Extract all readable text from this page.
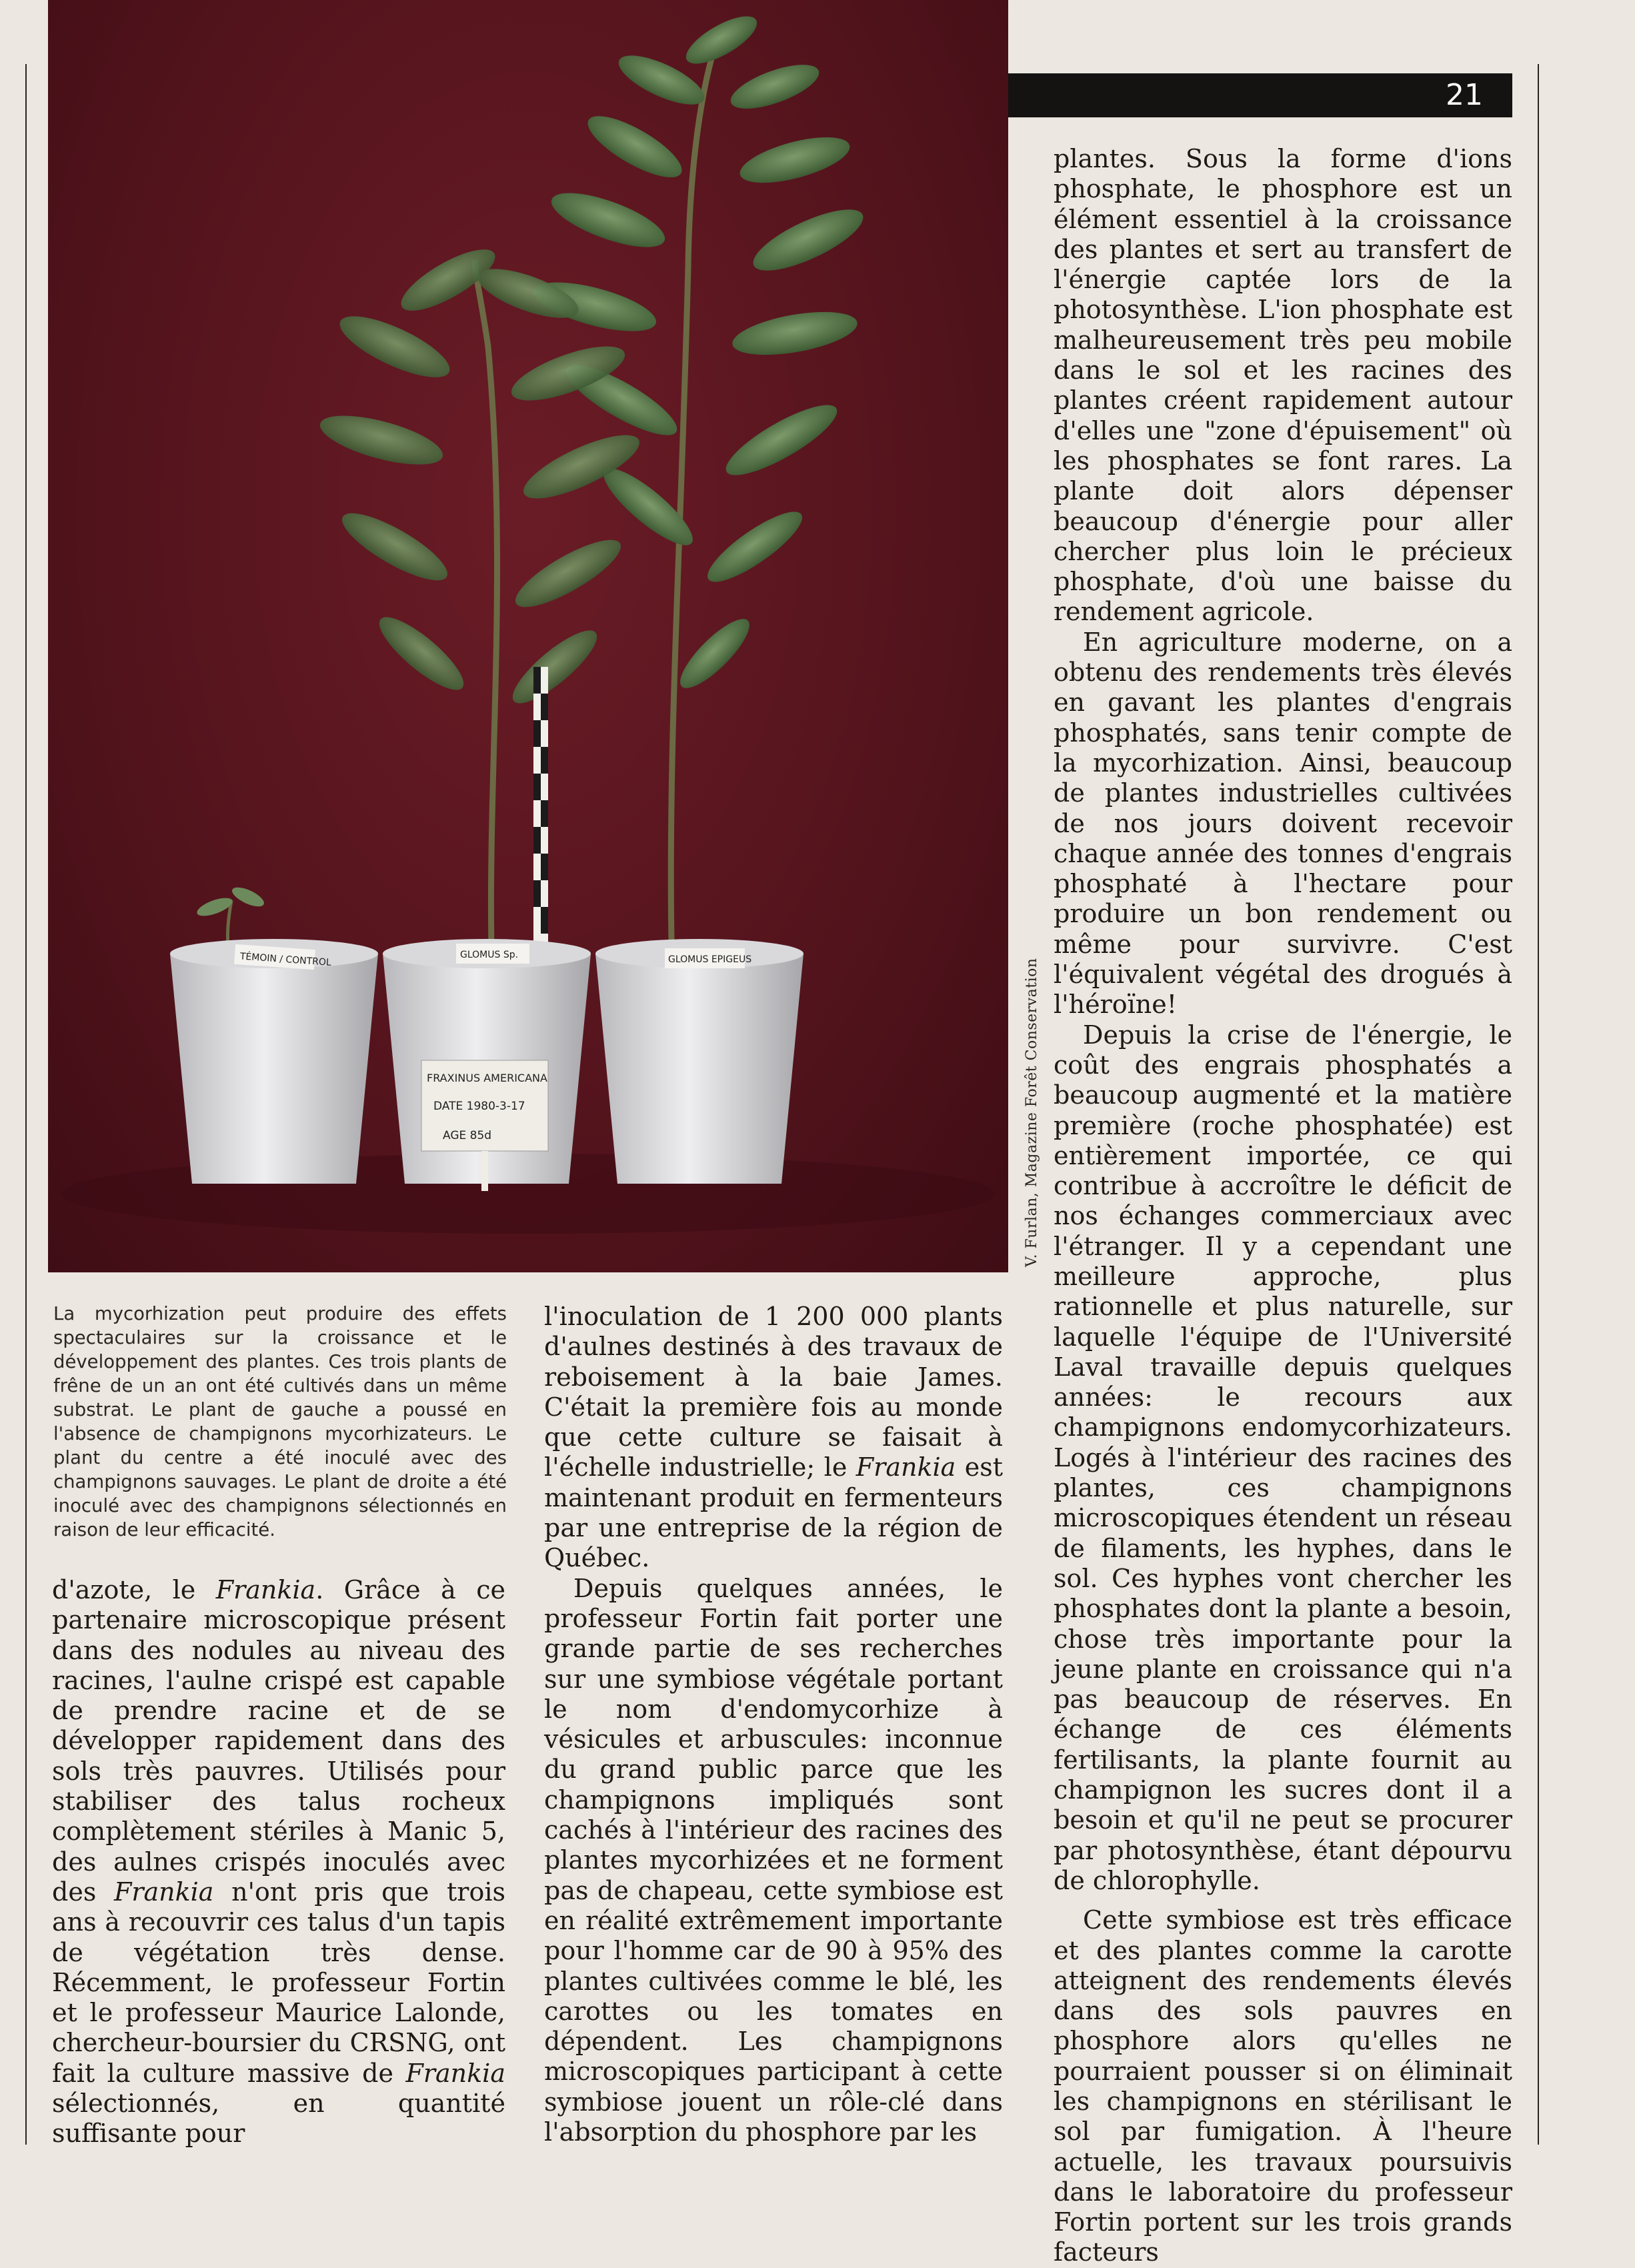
TÉMOIN / CONTROL	GLOMUS Sp.	GLOMUS EPIGEUS
FRAXINUS AMERICANA
DATE 1980-3-17
AGE 85d
21
V. Furlan, Magazine Forêt Conservation
La mycorhization peut produire des effets spectaculaires sur la croissance et le développement des plantes. Ces trois plants de frêne de un an ont été cultivés dans un même substrat. Le plant de gauche a poussé en l'absence de champignons mycorhizateurs. Le plant du centre a été inoculé avec des champignons sauvages. Le plant de droite a été inoculé avec des champignons sélectionnés en raison de leur efficacité.

d'azote, le Frankia. Grâce à ce partenaire microscopique présent dans des nodules au niveau des racines, l'aulne crispé est capable de prendre racine et de se développer rapidement dans des sols très pauvres. Utilisés pour stabiliser des talus rocheux complètement stériles à Manic 5, des aulnes crispés inoculés avec des Frankia n'ont pris que trois ans à recouvrir ces talus d'un tapis de végétation très dense. Récemment, le professeur Fortin et le professeur Maurice Lalonde, chercheur-boursier du CRSNG, ont fait la culture massive de Frankia sélectionnés, en quantité suffisante pour

l'inoculation de 1 200 000 plants d'aulnes destinés à des travaux de reboisement à la baie James. C'était la première fois au monde que cette culture se faisait à l'échelle industrielle; le Frankia est maintenant produit en fermenteurs par une entreprise de la région de Québec.

Depuis quelques années, le professeur Fortin fait porter une grande partie de ses recherches sur une symbiose végétale portant le nom d'endomycorhize à vésicules et arbuscules: inconnue du grand public parce que les champignons impliqués sont cachés à l'intérieur des racines des plantes mycorhizées et ne forment pas de chapeau, cette symbiose est en réalité extrêmement importante pour l'homme car de 90 à 95% des plantes cultivées comme le blé, les carottes ou les tomates en dépendent. Les champignons microscopiques participant à cette symbiose jouent un rôle-clé dans l'absorption du phosphore par les

plantes. Sous la forme d'ions phosphate, le phosphore est un élément essentiel à la croissance des plantes et sert au transfert de l'énergie captée lors de la photosynthèse. L'ion phosphate est malheureusement très peu mobile dans le sol et les racines des plantes créent rapidement autour d'elles une "zone d'épuisement" où les phosphates se font rares. La plante doit alors dépenser beaucoup d'énergie pour aller chercher plus loin le précieux phosphate, d'où une baisse du rendement agricole.

En agriculture moderne, on a obtenu des rendements très élevés en gavant les plantes d'engrais phosphatés, sans tenir compte de la mycorhization. Ainsi, beaucoup de plantes industrielles cultivées de nos jours doivent recevoir chaque année des tonnes d'engrais phosphaté à l'hectare pour produire un bon rendement ou même pour survivre. C'est l'équivalent végétal des drogués à l'héroïne!

Depuis la crise de l'énergie, le coût des engrais phosphatés a beaucoup augmenté et la matière première (roche phosphatée) est entièrement importée, ce qui contribue à accroître le déficit de nos échanges commerciaux avec l'étranger. Il y a cependant une meilleure approche, plus rationnelle et plus naturelle, sur laquelle l'équipe de l'Université Laval travaille depuis quelques années: le recours aux champignons endomycorhizateurs. Logés à l'intérieur des racines des plantes, ces champignons microscopiques étendent un réseau de filaments, les hyphes, dans le sol. Ces hyphes vont chercher les phosphates dont la plante a besoin, chose très importante pour la jeune plante en croissance qui n'a pas beaucoup de réserves. En échange de ces éléments fertilisants, la plante fournit au champignon les sucres dont il a besoin et qu'il ne peut se procurer par photosynthèse, étant dépourvu de chlorophylle.

Cette symbiose est très efficace et des plantes comme la carotte atteignent des rendements élevés dans des sols pauvres en phosphore alors qu'elles ne pourraient pousser si on éliminait les champignons en stérilisant le sol par fumigation. À l'heure actuelle, les travaux poursuivis dans le laboratoire du professeur Fortin portent sur les trois grands facteurs
